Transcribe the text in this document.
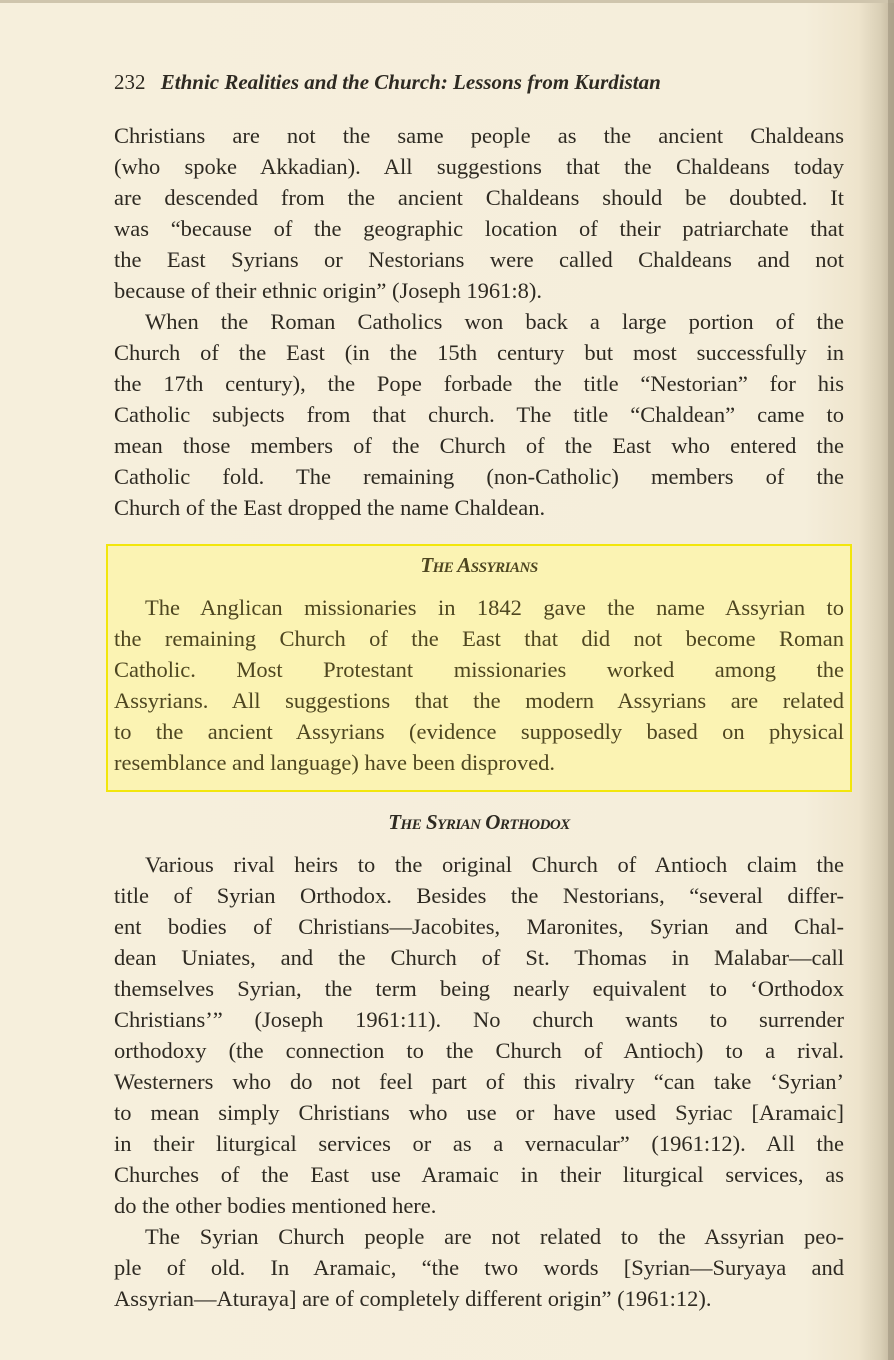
232 Ethnic Realities and the Church: Lessons from Kurdistan
Christians are not the same people as the ancient Chaldeans
(who spoke Akkadian). All suggestions that the Chaldeans today
are descended from the ancient Chaldeans should be doubted. It
was “because of the geographic location of their patriarchate that
the East Syrians or Nestorians were called Chaldeans and not
because of their ethnic origin” (Joseph 1961:8).
When the Roman Catholics won back a large portion of the
Church of the East (in the 15th century but most successfully in
the 17th century), the Pope forbade the title “Nestorian” for his
Catholic subjects from that church. The title “Chaldean” came to
mean those members of the Church of the East who entered the
Catholic fold. The remaining (non-Catholic) members of the
Church of the East dropped the name Chaldean.
The Assyrians
The Anglican missionaries in 1842 gave the name Assyrian to
the remaining Church of the East that did not become Roman
Catholic. Most Protestant missionaries worked among the
Assyrians. All suggestions that the modern Assyrians are related
to the ancient Assyrians (evidence supposedly based on physical
resemblance and language) have been disproved.
The Syrian Orthodox
Various rival heirs to the original Church of Antioch claim the
title of Syrian Orthodox. Besides the Nestorians, “several differ-
ent bodies of Christians—Jacobites, Maronites, Syrian and Chal-
dean Uniates, and the Church of St. Thomas in Malabar—call
themselves Syrian, the term being nearly equivalent to ‘Orthodox
Christians’” (Joseph 1961:11). No church wants to surrender
orthodoxy (the connection to the Church of Antioch) to a rival.
Westerners who do not feel part of this rivalry “can take ‘Syrian’
to mean simply Christians who use or have used Syriac [Aramaic]
in their liturgical services or as a vernacular” (1961:12). All the
Churches of the East use Aramaic in their liturgical services, as
do the other bodies mentioned here.
The Syrian Church people are not related to the Assyrian peo-
ple of old. In Aramaic, “the two words [Syrian—Suryaya and
Assyrian—Aturaya] are of completely different origin” (1961:12).
